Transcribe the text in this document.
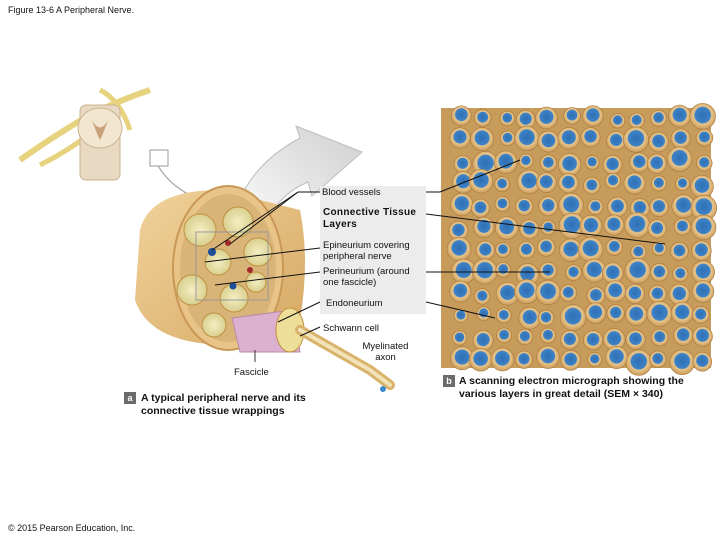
Figure 13-6 A Peripheral Nerve.
Blood vessels
Connective Tissue Layers
Epineurium covering peripheral nerve
Perineurium (around one fascicle)
Endoneurium
Schwann cell
Myelinated axon
Fascicle
a A typical peripheral nerve and its connective tissue wrappings
b A scanning electron micrograph showing the various layers in great detail (SEM × 340)
© 2015 Pearson Education, Inc.
